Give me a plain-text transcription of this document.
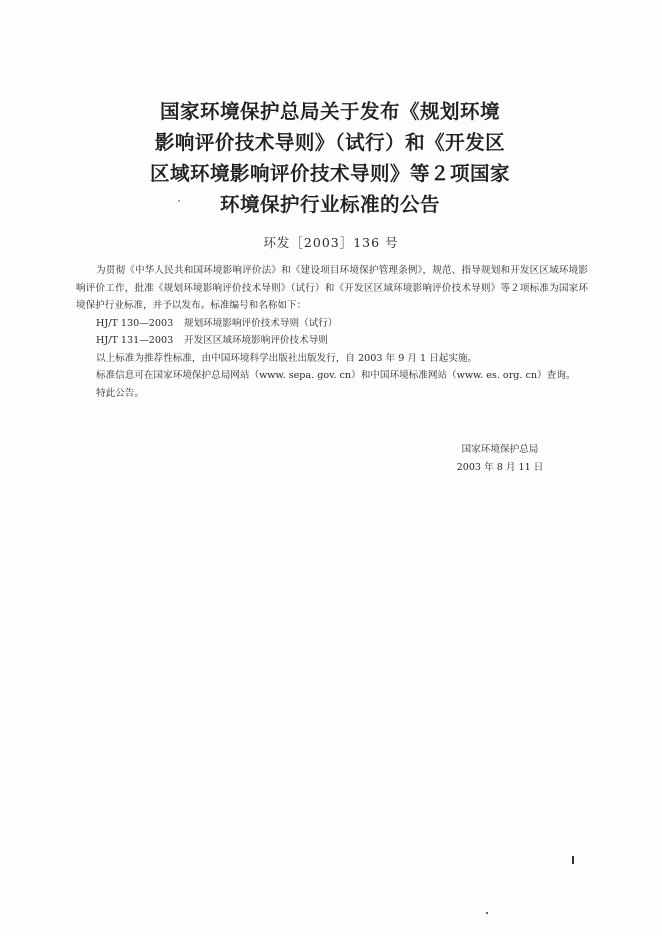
国家环境保护总局关于发布《规划环境
影响评价技术导则》（试行）和《开发区
区域环境影响评价技术导则》等２项国家
环境保护行业标准的公告
环发［2003］136 号

为贯彻《中华人民共和国环境影响评价法》和《建设项目环境保护管理条例》，规范、指导规划和开发区区域环境影响评价工作，批准《规划环境影响评价技术导则》（试行）和《开发区区域环境影响评价技术导则》等２项标准为国家环境保护行业标准，并予以发布。标准编号和名称如下：

HJ/T 130—2003 规划环境影响评价技术导则（试行）

HJ/T 131—2003 开发区区域环境影响评价技术导则

以上标准为推荐性标准，由中国环境科学出版社出版发行，自 2003 年 9 月 1 日起实施。

标准信息可在国家环境保护总局网站（www. sepa. gov. cn）和中国环境标准网站（www. es. org. cn）查询。

特此公告。

国家环境保护总局
2003 年 8 月 11 日
